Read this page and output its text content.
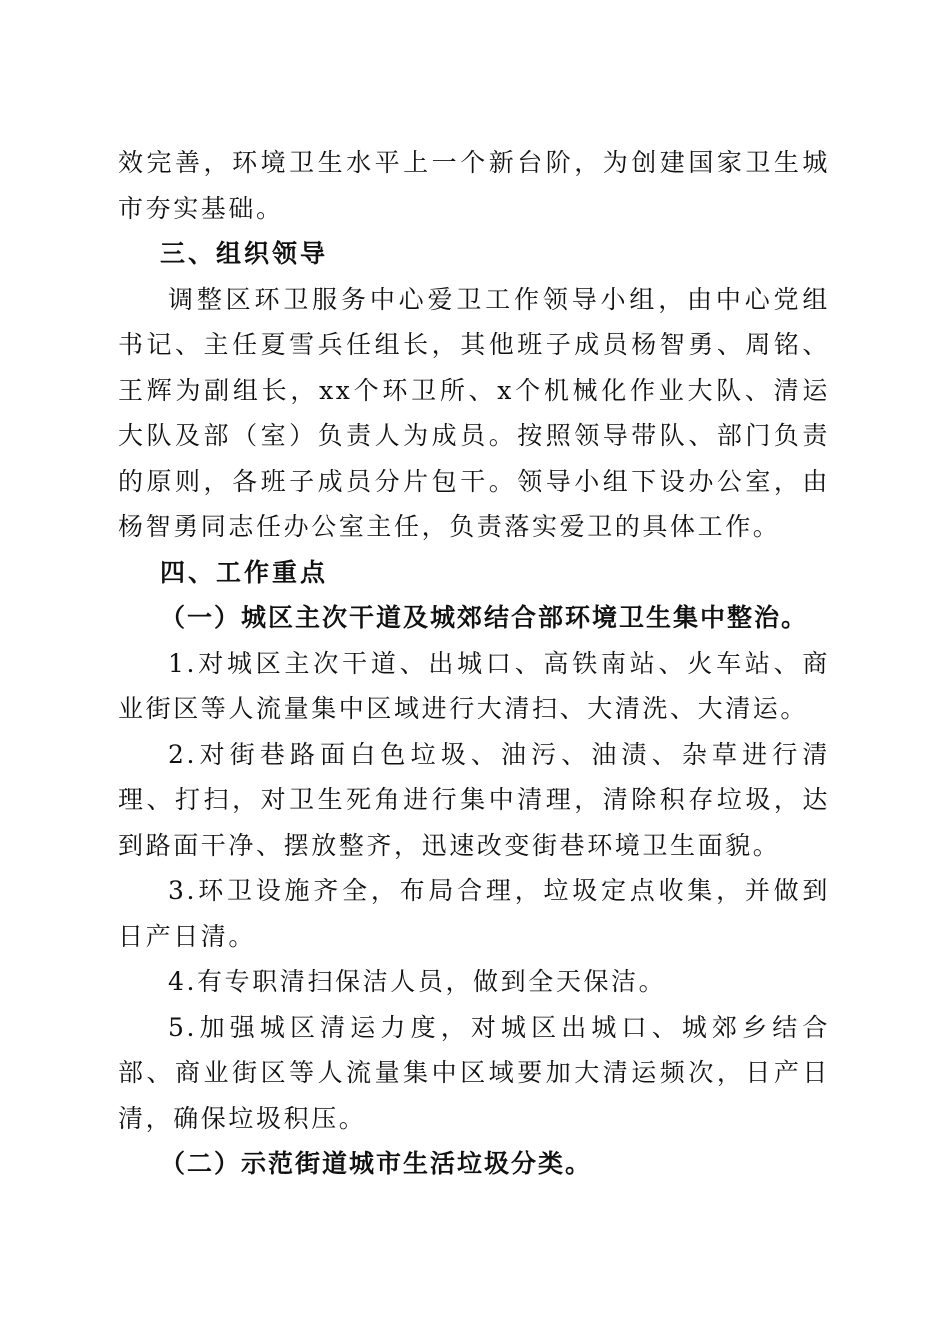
效完善，环境卫生水平上一个新台阶，为创建国家卫生城市夯实基础。

三、组织领导

调整区环卫服务中心爱卫工作领导小组，由中心党组书记、主任夏雪兵任组长，其他班子成员杨智勇、周铭、王辉为副组长，xx个环卫所、x个机械化作业大队、清运大队及部（室）负责人为成员。按照领导带队、部门负责的原则，各班子成员分片包干。领导小组下设办公室，由杨智勇同志任办公室主任，负责落实爱卫的具体工作。

四、工作重点

（一）城区主次干道及城郊结合部环境卫生集中整治。

1.对城区主次干道、出城口、高铁南站、火车站、商业街区等人流量集中区域进行大清扫、大清洗、大清运。

2.对街巷路面白色垃圾、油污、油渍、杂草进行清理、打扫，对卫生死角进行集中清理，清除积存垃圾，达到路面干净、摆放整齐，迅速改变街巷环境卫生面貌。

3.环卫设施齐全，布局合理，垃圾定点收集，并做到日产日清。

4.有专职清扫保洁人员，做到全天保洁。

5.加强城区清运力度，对城区出城口、城郊乡结合部、商业街区等人流量集中区域要加大清运频次，日产日清，确保垃圾积压。

（二）示范街道城市生活垃圾分类。
